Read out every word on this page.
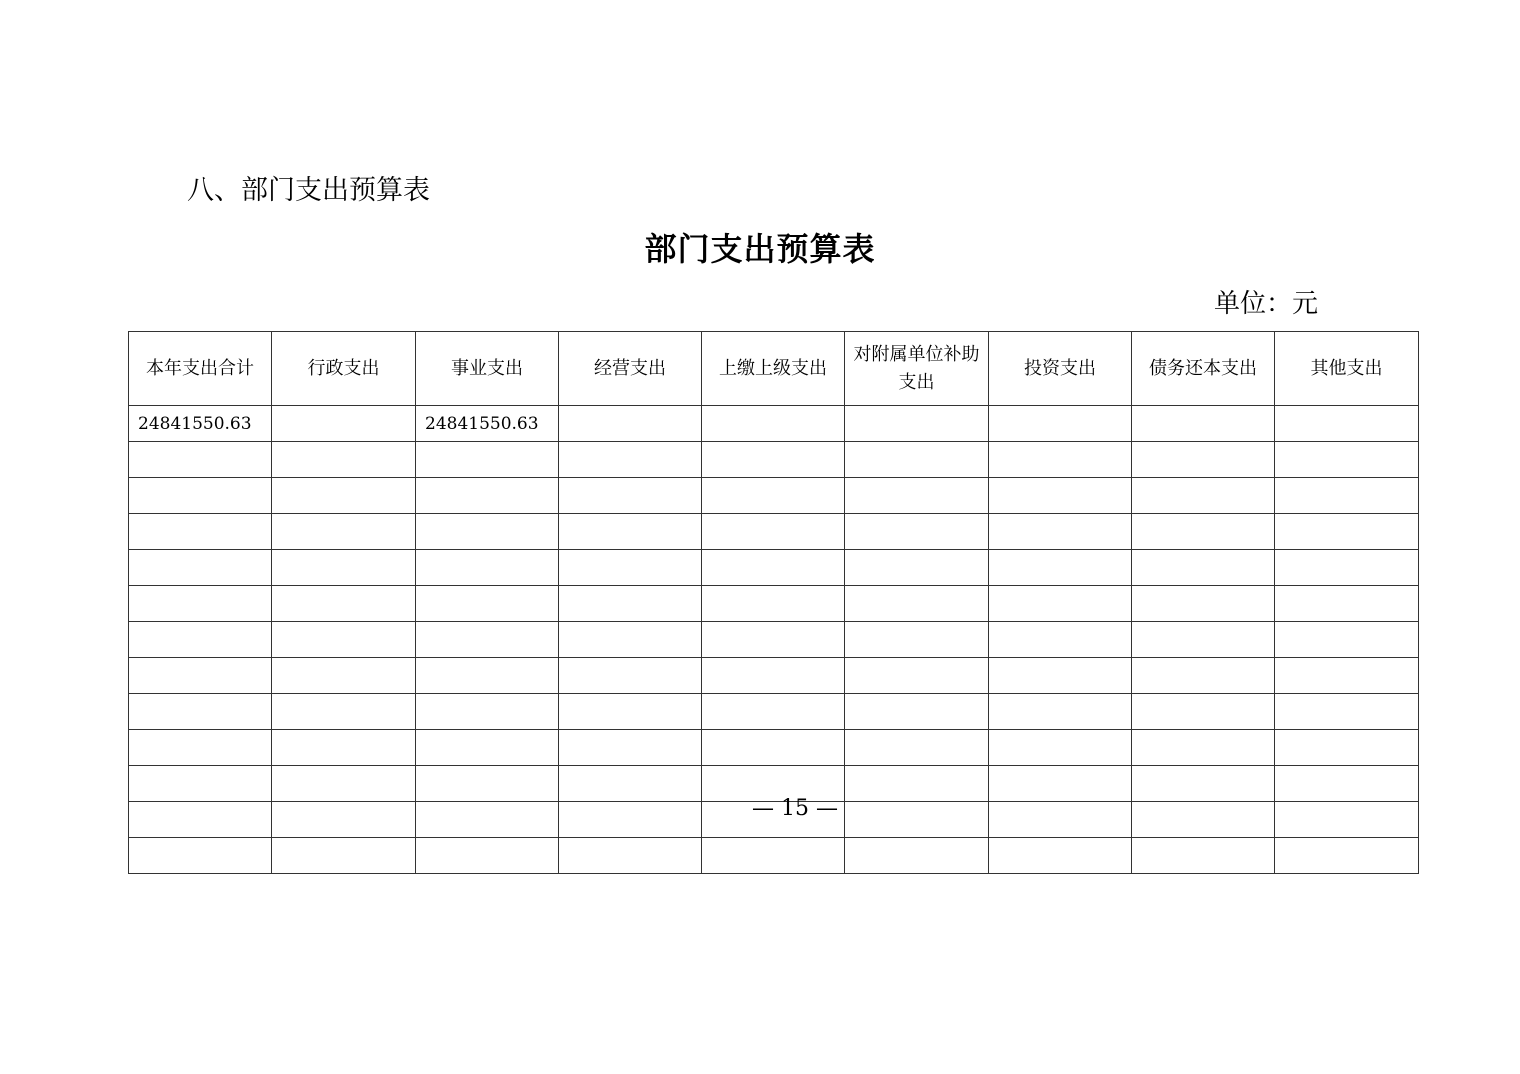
八、部门支出预算表
部门支出预算表
单位：元
本年支出合计	行政支出	事业支出	经营支出	上缴上级支出	对附属单位补助支出	投资支出	债务还本支出	其他支出
24841550.63		24841550.63						

— 15 —
